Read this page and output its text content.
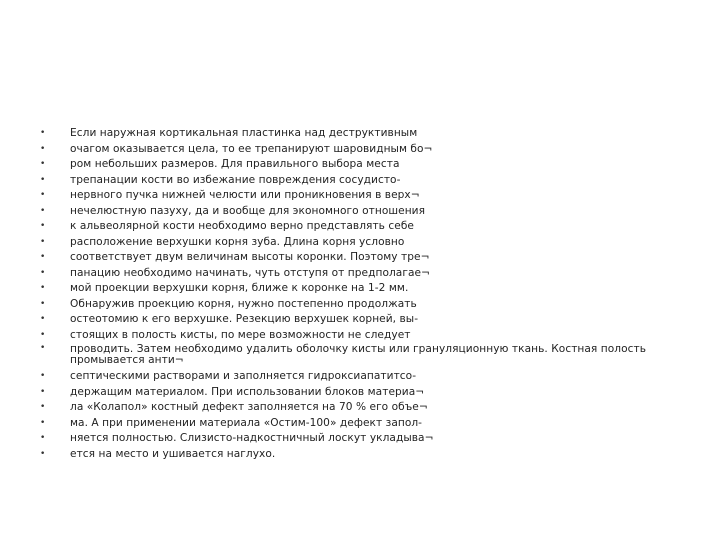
• Если наружная кортикальная пластинка над деструктивным
• очагом оказывается цела, то ее трепанируют шаровидным бо¬
• ром небольших размеров. Для правильного выбора места
• трепанации кости во избежание повреждения сосудисто-
• нервного пучка нижней челюсти или проникновения в верх¬
• нечелюстную пазуху, да и вообще для экономного отношения
• к альвеолярной кости необходимо верно представлять себе
• расположение верхушки корня зуба. Длина корня условно
• соответствует двум величинам высоты коронки. Поэтому тре¬
• панацию необходимо начинать, чуть отступя от предполагае¬
• мой проекции верхушки корня, ближе к коронке на 1-2 мм.
• Обнаружив проекцию корня, нужно постепенно продолжать
• остеотомию к его верхушке. Резекцию верхушек корней, вы-
• стоящих в полость кисты, по мере возможности не следует
• проводить. Затем необходимо удалить оболочку кисты или грануляционную ткань. Костная полость промывается анти¬
• септическими растворами и заполняется гидроксиапатитсо-
• держащим материалом. При использовании блоков материа¬
• ла «Колапол» костный дефект заполняется на 70 % его объе¬
• ма. А при применении материала «Остим-100» дефект запол-
• няется полностью. Слизисто-надкостничный лоскут укладыва¬
• ется на место и ушивается наглухо.
